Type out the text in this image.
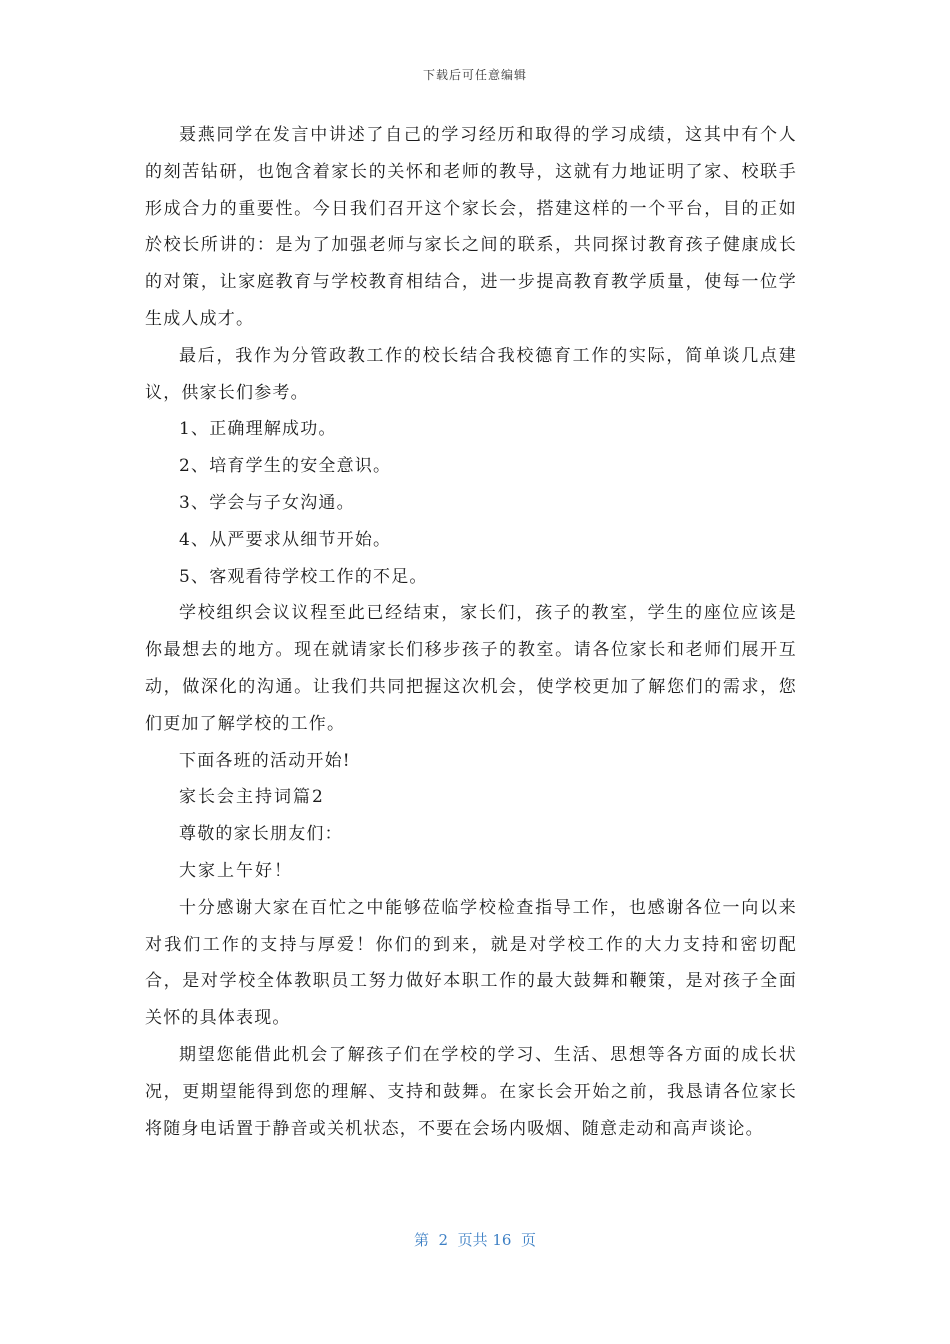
下载后可任意编辑

聂燕同学在发言中讲述了自己的学习经历和取得的学习成绩，这其中有个人的刻苦钻研，也饱含着家长的关怀和老师的教导，这就有力地证明了家、校联手形成合力的重要性。今日我们召开这个家长会，搭建这样的一个平台，目的正如於校长所讲的：是为了加强老师与家长之间的联系，共同探讨教育孩子健康成长的对策，让家庭教育与学校教育相结合，进一步提高教育教学质量，使每一位学生成人成才。

最后，我作为分管政教工作的校长结合我校德育工作的实际，简单谈几点建议，供家长们参考。

1、正确理解成功。

2、培育学生的安全意识。

3、学会与子女沟通。

4、从严要求从细节开始。

5、客观看待学校工作的不足。

学校组织会议议程至此已经结束，家长们，孩子的教室，学生的座位应该是你最想去的地方。现在就请家长们移步孩子的教室。请各位家长和老师们展开互动，做深化的沟通。让我们共同把握这次机会，使学校更加了解您们的需求，您们更加了解学校的工作。

下面各班的活动开始!

家长会主持词篇2

尊敬的家长朋友们：

大家上午好！

十分感谢大家在百忙之中能够莅临学校检查指导工作，也感谢各位一向以来对我们工作的支持与厚爱！你们的到来，就是对学校工作的大力支持和密切配合，是对学校全体教职员工努力做好本职工作的最大鼓舞和鞭策，是对孩子全面关怀的具体表现。

期望您能借此机会了解孩子们在学校的学习、生活、思想等各方面的成长状况，更期望能得到您的理解、支持和鼓舞。在家长会开始之前，我恳请各位家长将随身电话置于静音或关机状态，不要在会场内吸烟、随意走动和高声谈论。

第  2  页共 16  页
